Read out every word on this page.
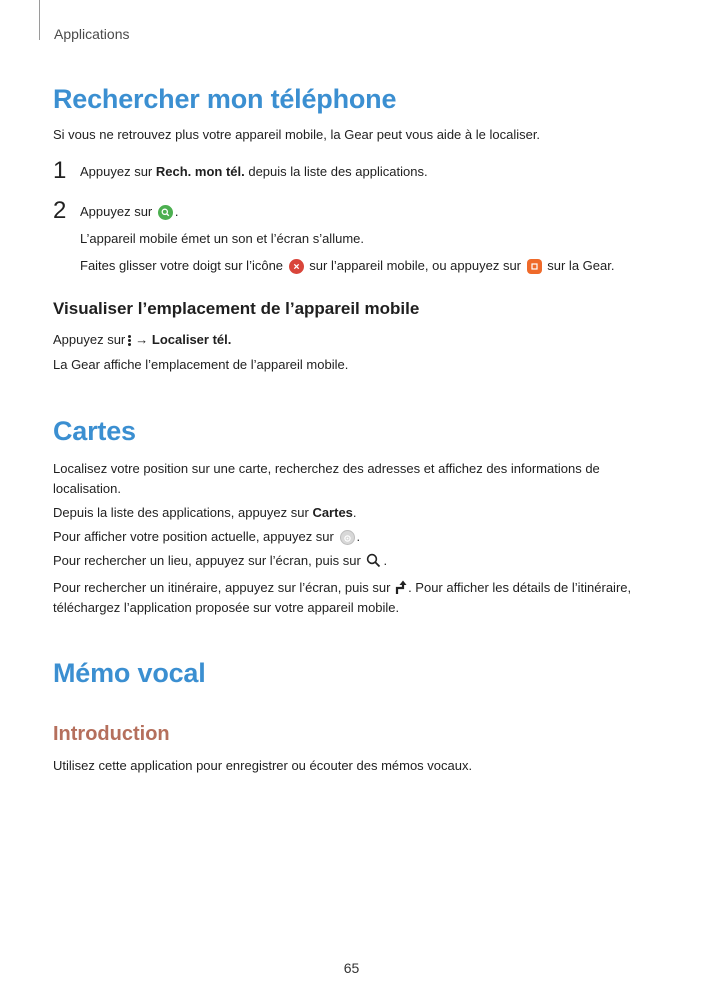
Applications
Rechercher mon téléphone
Si vous ne retrouvez plus votre appareil mobile, la Gear peut vous aide à le localiser.
1 Appuyez sur Rech. mon tél. depuis la liste des applications.
2 Appuyez sur .
L’appareil mobile émet un son et l’écran s’allume.
Faites glisser votre doigt sur l’icône sur l’appareil mobile, ou appuyez sur sur la Gear.
Visualiser l’emplacement de l’appareil mobile
Appuyez sur → Localiser tél.
La Gear affiche l’emplacement de l’appareil mobile.
Cartes
Localisez votre position sur une carte, recherchez des adresses et affichez des informations de
localisation.
Depuis la liste des applications, appuyez sur Cartes.
Pour afficher votre position actuelle, appuyez sur .
Pour rechercher un lieu, appuyez sur l’écran, puis sur .
Pour rechercher un itinéraire, appuyez sur l’écran, puis sur . Pour afficher les détails de l’itinéraire,
téléchargez l’application proposée sur votre appareil mobile.
Mémo vocal
Introduction
Utilisez cette application pour enregistrer ou écouter des mémos vocaux.
65
